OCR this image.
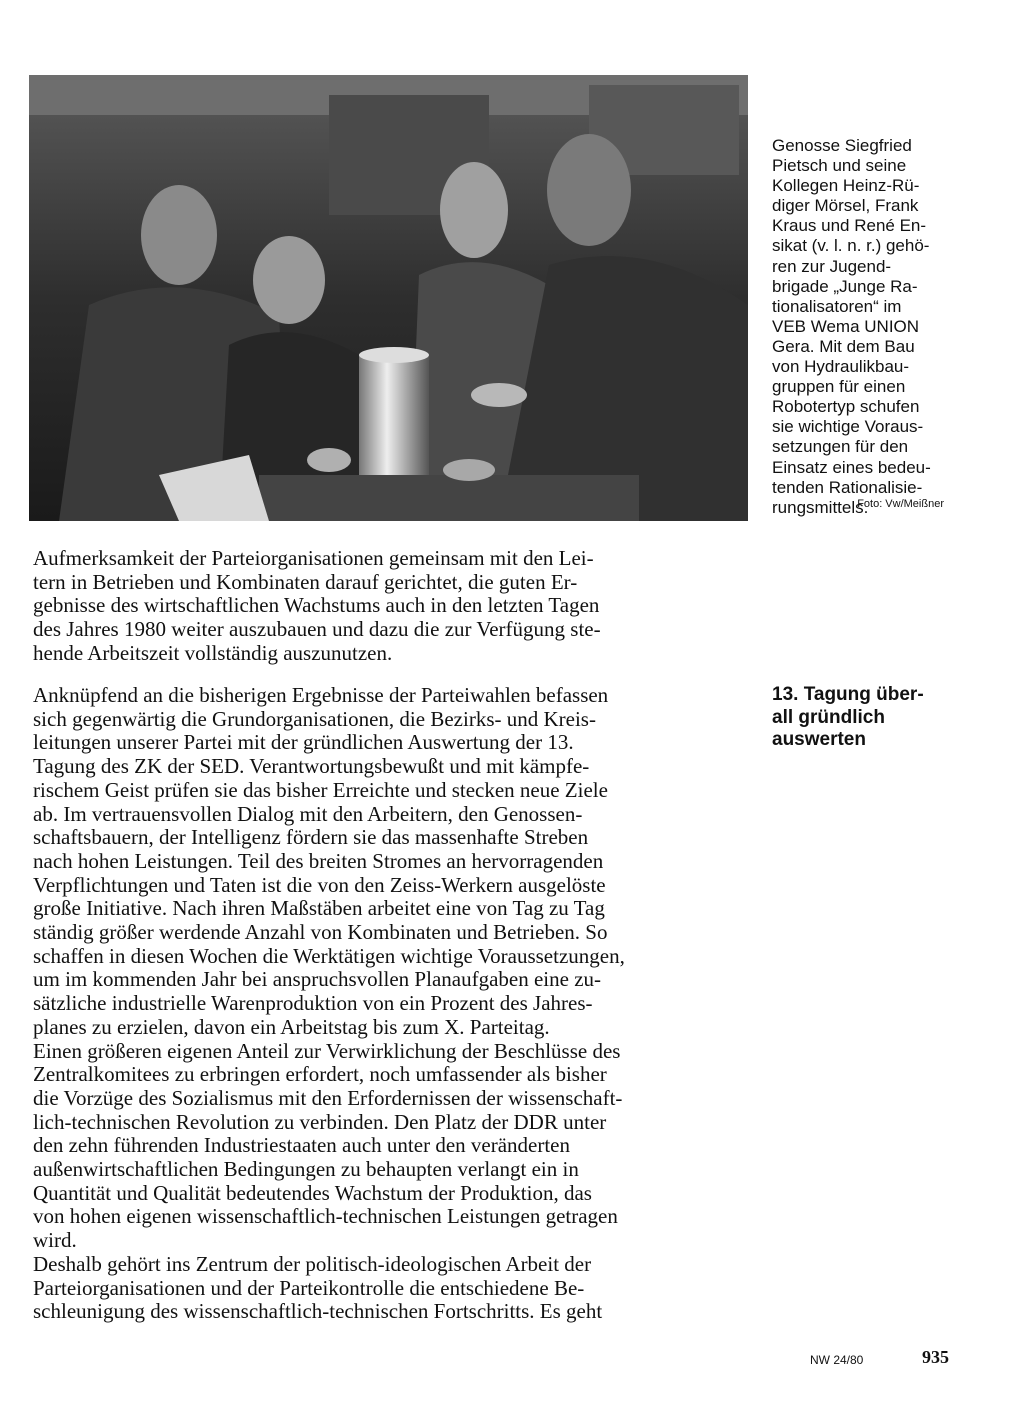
Genosse Siegfried
Pietsch und seine
Kollegen Heinz-Rü-
diger Mörsel, Frank
Kraus und René En-
sikat (v. l. n. r.) gehö-
ren zur Jugend-
brigade „Junge Ra-
tionalisatoren“ im
VEB Wema UNION
Gera. Mit dem Bau
von Hydraulikbau-
gruppen für einen
Robotertyp schufen
sie wichtige Voraus-
setzungen für den
Einsatz eines bedeu-
tenden Rationalisie-
rungsmittels.
Foto: Vw/Meißner
Aufmerksamkeit der Parteiorganisationen gemeinsam mit den Lei-
tern in Betrieben und Kombinaten darauf gerichtet, die guten Er-
gebnisse des wirtschaftlichen Wachstums auch in den letzten Tagen
des Jahres 1980 weiter auszubauen und dazu die zur Verfügung ste-
hende Arbeitszeit vollständig auszunutzen.
Anknüpfend an die bisherigen Ergebnisse der Parteiwahlen befassen
sich gegenwärtig die Grundorganisationen, die Bezirks- und Kreis-
leitungen unserer Partei mit der gründlichen Auswertung der 13.
Tagung des ZK der SED. Verantwortungsbewußt und mit kämpfe-
rischem Geist prüfen sie das bisher Erreichte und stecken neue Ziele
ab. Im vertrauensvollen Dialog mit den Arbeitern, den Genossen-
schaftsbauern, der Intelligenz fördern sie das massenhafte Streben
nach hohen Leistungen. Teil des breiten Stromes an hervorragenden
Verpflichtungen und Taten ist die von den Zeiss-Werkern ausgelöste
große Initiative. Nach ihren Maßstäben arbeitet eine von Tag zu Tag
ständig größer werdende Anzahl von Kombinaten und Betrieben. So
schaffen in diesen Wochen die Werktätigen wichtige Voraussetzungen,
um im kommenden Jahr bei anspruchsvollen Planaufgaben eine zu-
sätzliche industrielle Warenproduktion von ein Prozent des Jahres-
planes zu erzielen, davon ein Arbeitstag bis zum X. Parteitag.
Einen größeren eigenen Anteil zur Verwirklichung der Beschlüsse des
Zentralkomitees zu erbringen erfordert, noch umfassender als bisher
die Vorzüge des Sozialismus mit den Erfordernissen der wissenschaft-
lich-technischen Revolution zu verbinden. Den Platz der DDR unter
den zehn führenden Industriestaaten auch unter den veränderten
außenwirtschaftlichen Bedingungen zu behaupten verlangt ein in
Quantität und Qualität bedeutendes Wachstum der Produktion, das
von hohen eigenen wissenschaftlich-technischen Leistungen getragen
wird.
Deshalb gehört ins Zentrum der politisch-ideologischen Arbeit der
Parteiorganisationen und der Parteikontrolle die entschiedene Be-
schleunigung des wissenschaftlich-technischen Fortschritts. Es geht
13. Tagung über-
all gründlich
auswerten
NW 24/80	935
